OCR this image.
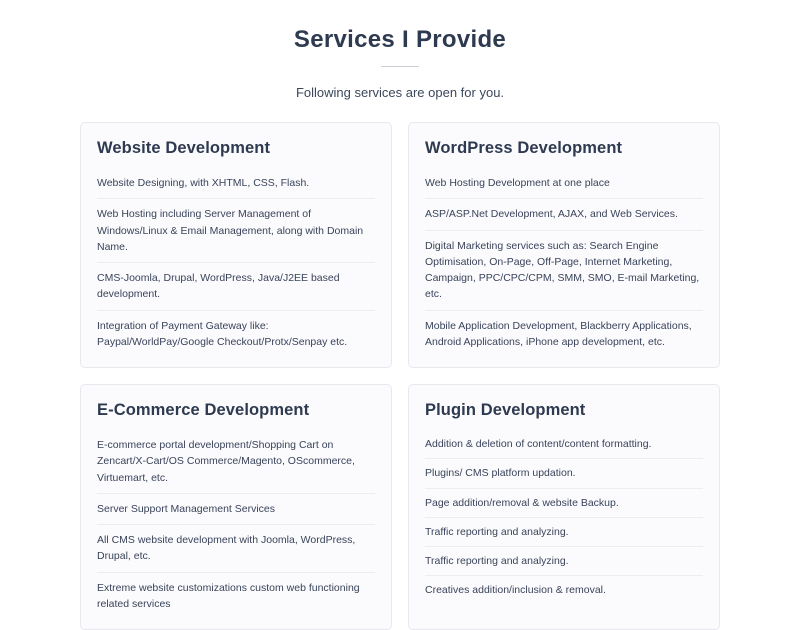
Services I Provide

Following services are open for you.

Website Development
Website Designing, with XHTML, CSS, Flash.
Web Hosting including Server Management of Windows/Linux & Email Management, along with Domain Name.
CMS-Joomla, Drupal, WordPress, Java/J2EE based development.
Integration of Payment Gateway like: Paypal/WorldPay/Google Checkout/Protx/Senpay etc.
WordPress Development
Web Hosting Development at one place
ASP/ASP.Net Development, AJAX, and Web Services.
Digital Marketing services such as: Search Engine Optimisation, On-Page, Off-Page, Internet Marketing, Campaign, PPC/CPC/CPM, SMM, SMO, E-mail Marketing, etc.
Mobile Application Development, Blackberry Applications, Android Applications, iPhone app development, etc.
E-Commerce Development
E-commerce portal development/Shopping Cart on Zencart/X-Cart/OS Commerce/Magento, OScommerce, Virtuemart, etc.
Server Support Management Services
All CMS website development with Joomla, WordPress, Drupal, etc.
Extreme website customizations custom web functioning related services
Plugin Development
Addition & deletion of content/content formatting.
Plugins/ CMS platform updation.
Page addition/removal & website Backup.
Traffic reporting and analyzing.
Traffic reporting and analyzing.
Creatives addition/inclusion & removal.
